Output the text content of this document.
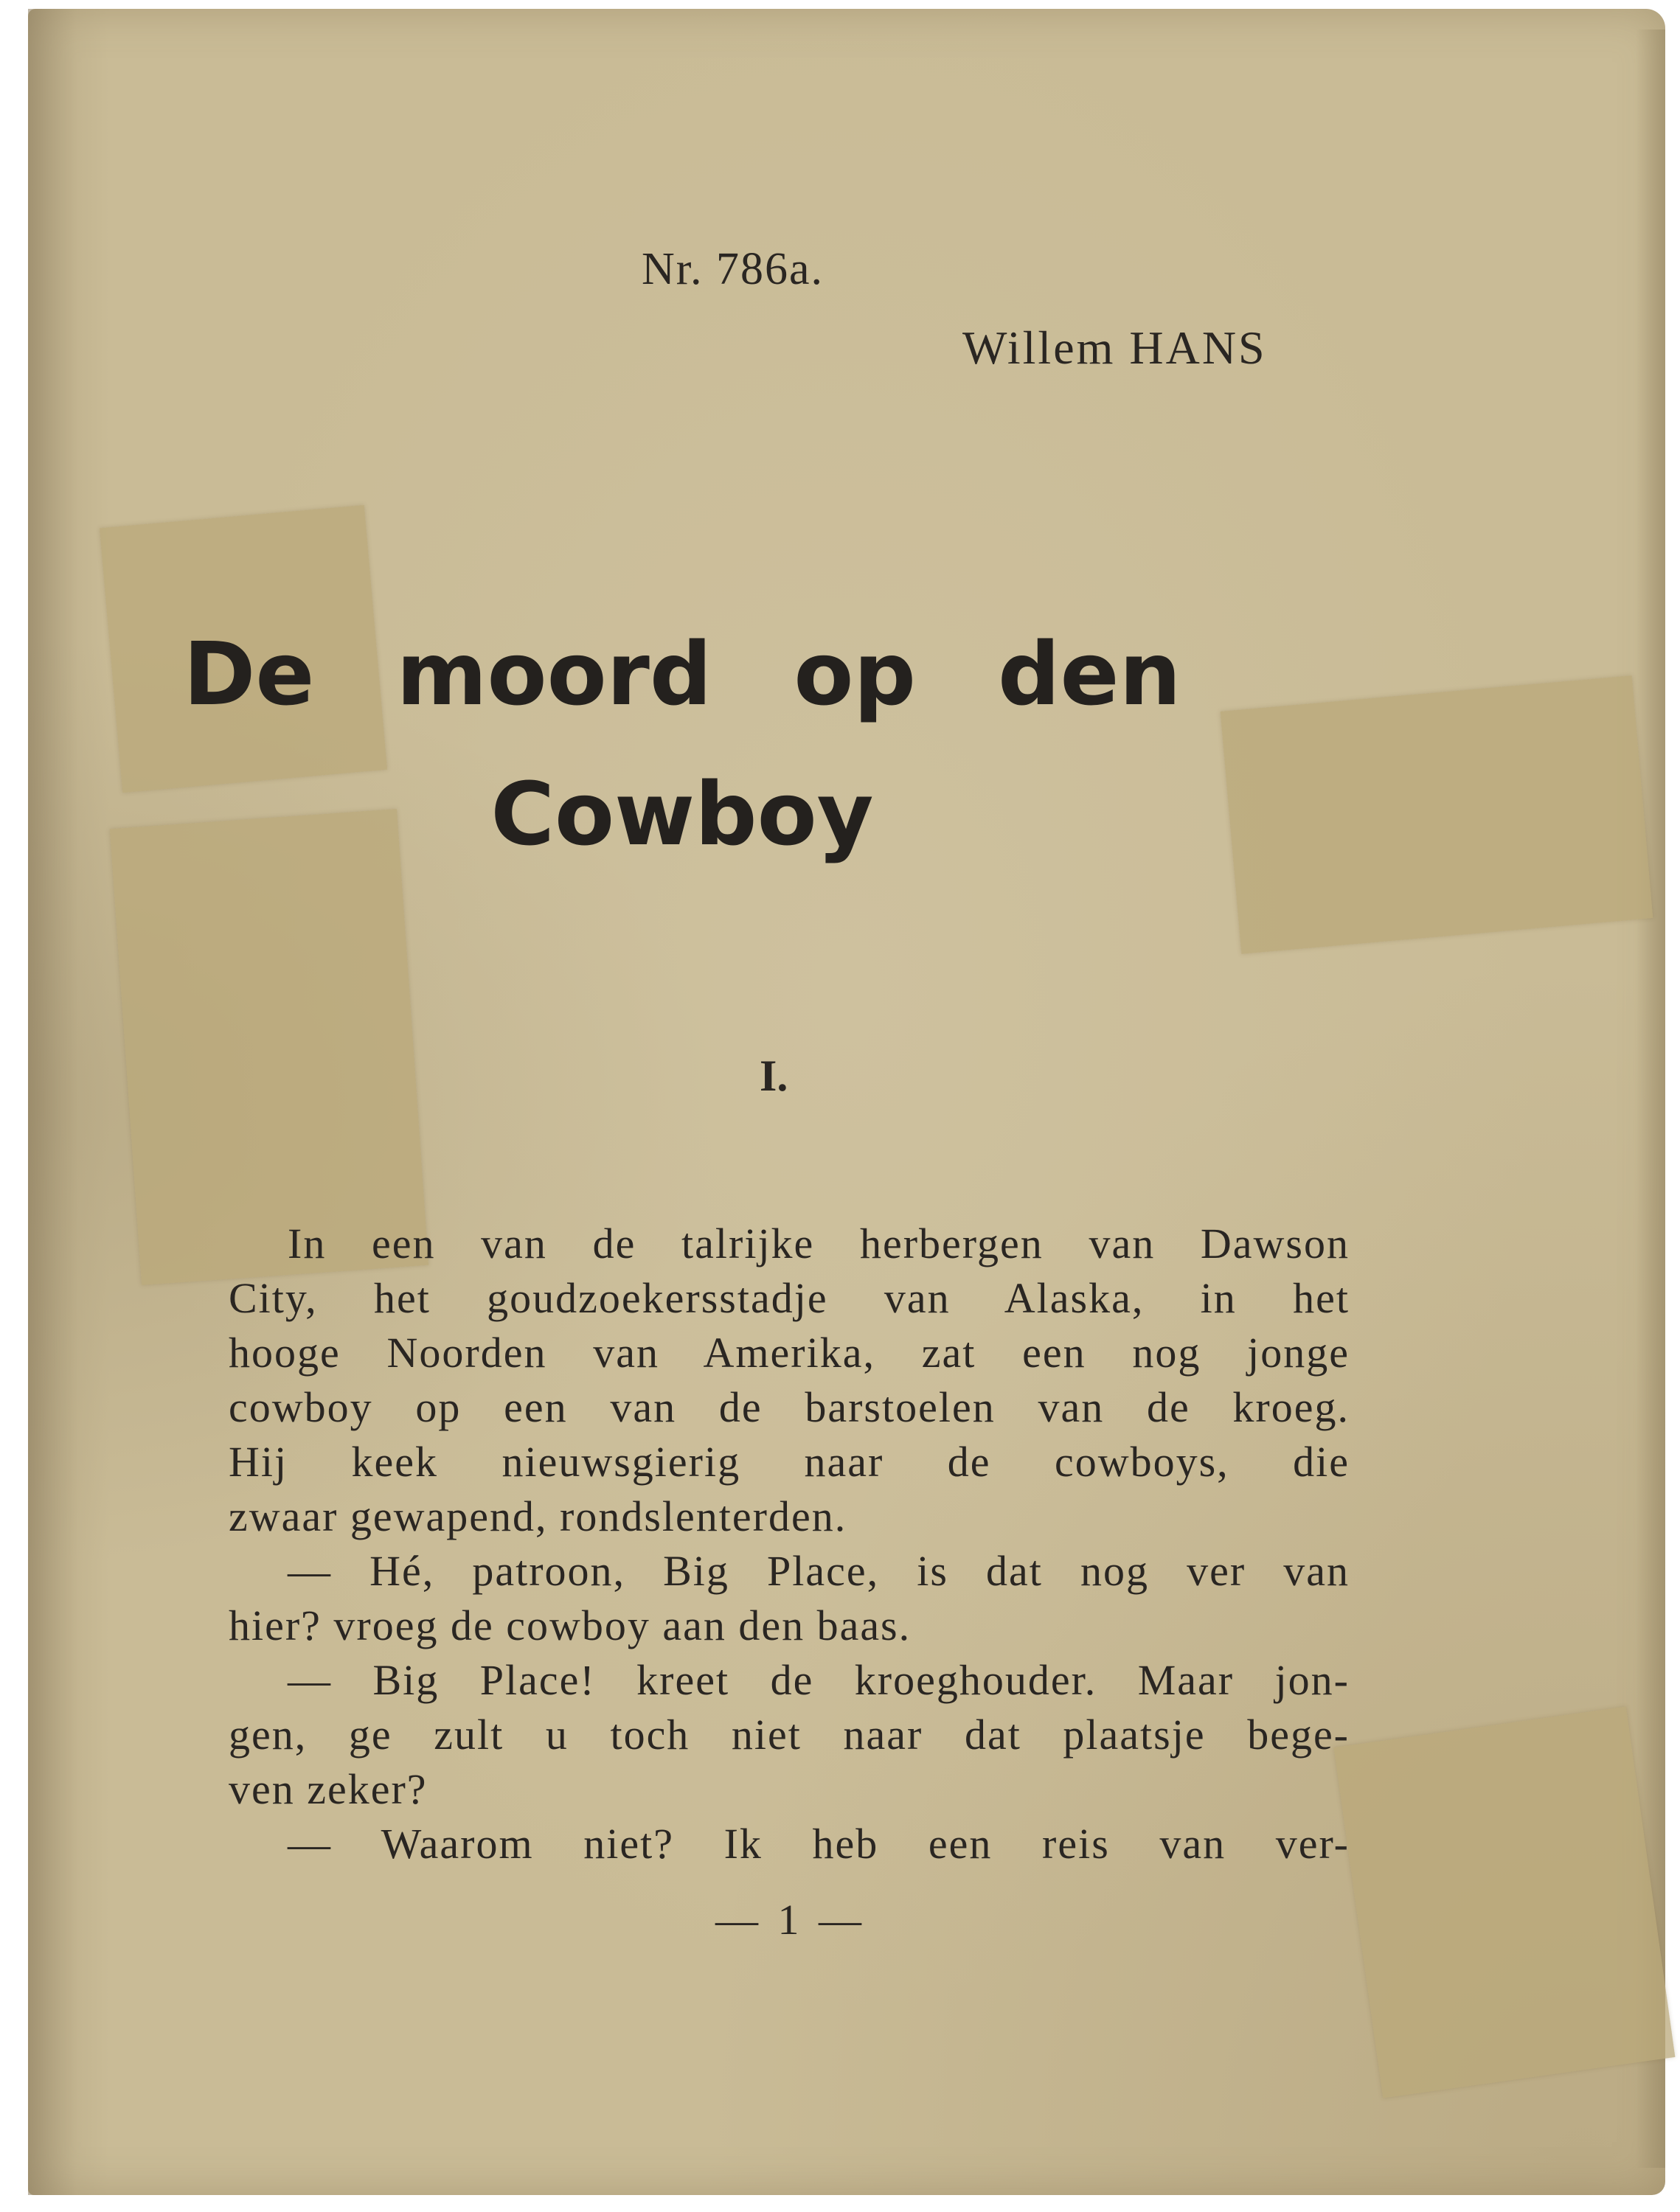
Nr. 786a.
Willem HANS
De moord op den
Cowboy
I.
In een van de talrijke herbergen van Dawson
City, het goudzoekersstadje van Alaska, in het
hooge Noorden van Amerika, zat een nog jonge
cowboy op een van de barstoelen van de kroeg.
Hij keek nieuwsgierig naar de cowboys, die
zwaar gewapend, rondslenterden.
— Hé, patroon, Big Place, is dat nog ver van
hier? vroeg de cowboy aan den baas.
— Big Place! kreet de kroeghouder. Maar jon-
gen, ge zult u toch niet naar dat plaatsje bege-
ven zeker?
— Waarom niet? Ik heb een reis van ver-
— 1 —
